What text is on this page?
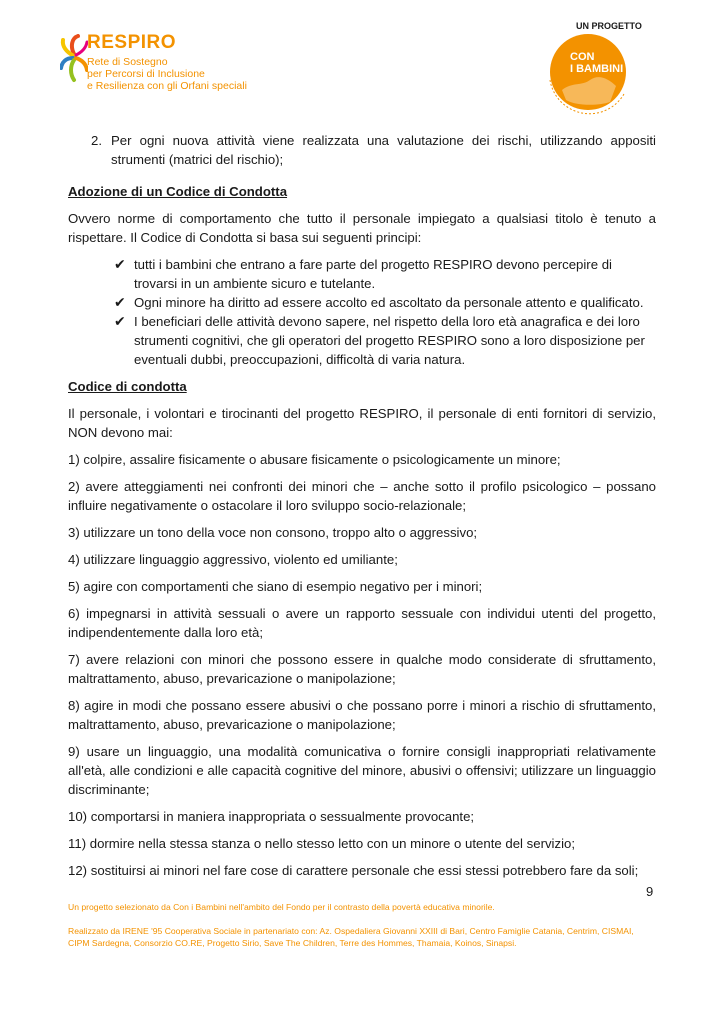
RESPIRO
Rete di Sostegno
per Percorsi di Inclusione
e Resilienza con gli Orfani speciali
UN PROGETTO
CON
I BAMBINI

2. Per ogni nuova attività viene realizzata una valutazione dei rischi, utilizzando appositi strumenti (matrici del rischio);

Adozione di un Codice di Condotta

Ovvero norme di comportamento che tutto il personale impiegato a qualsiasi titolo è tenuto a rispettare. Il Codice di Condotta si basa sui seguenti principi:

✔ tutti i bambini che entrano a fare parte del progetto RESPIRO devono percepire di trovarsi in un ambiente sicuro e tutelante.
✔ Ogni minore ha diritto ad essere accolto ed ascoltato da personale attento e qualificato.
✔ I beneficiari delle attività devono sapere, nel rispetto della loro età anagrafica e dei loro strumenti cognitivi, che gli operatori del progetto RESPIRO sono a loro disposizione per eventuali dubbi, preoccupazioni, difficoltà di varia natura.
Codice di condotta

Il personale, i volontari e tirocinanti del progetto RESPIRO, il personale di enti fornitori di servizio, NON devono mai:

1) colpire, assalire fisicamente o abusare fisicamente o psicologicamente un minore;

2) avere atteggiamenti nei confronti dei minori che – anche sotto il profilo psicologico – possano influire negativamente o ostacolare il loro sviluppo socio-relazionale;

3) utilizzare un tono della voce non consono, troppo alto o aggressivo;

4) utilizzare linguaggio aggressivo, violento ed umiliante;

5) agire con comportamenti che siano di esempio negativo per i minori;

6) impegnarsi in attività sessuali o avere un rapporto sessuale con individui utenti del progetto, indipendentemente dalla loro età;

7) avere relazioni con minori che possono essere in qualche modo considerate di sfruttamento, maltrattamento, abuso, prevaricazione o manipolazione;

8) agire in modi che possano essere abusivi o che possano porre i minori a rischio di sfruttamento, maltrattamento, abuso, prevaricazione o manipolazione;

9) usare un linguaggio, una modalità comunicativa o fornire consigli inappropriati relativamente all'età, alle condizioni e alle capacità cognitive del minore, abusivi o offensivi; utilizzare un linguaggio discriminante;

10) comportarsi in maniera inappropriata o sessualmente provocante;

11) dormire nella stessa stanza o nello stesso letto con un minore o utente del servizio;

12) sostituirsi ai minori nel fare cose di carattere personale che essi stessi potrebbero fare da soli;

9
Un progetto selezionato da Con i Bambini nell'ambito del Fondo per il contrasto della povertà educativa minorile.
Realizzato da IRENE '95 Cooperativa Sociale in partenariato con: Az. Ospedaliera Giovanni XXIII di Bari, Centro Famiglie Catania, Centrim, CISMAI, CIPM Sardegna, Consorzio CO.RE, Progetto Sirio, Save The Children, Terre des Hommes, Thamaia, Koinos, Sinapsi.
